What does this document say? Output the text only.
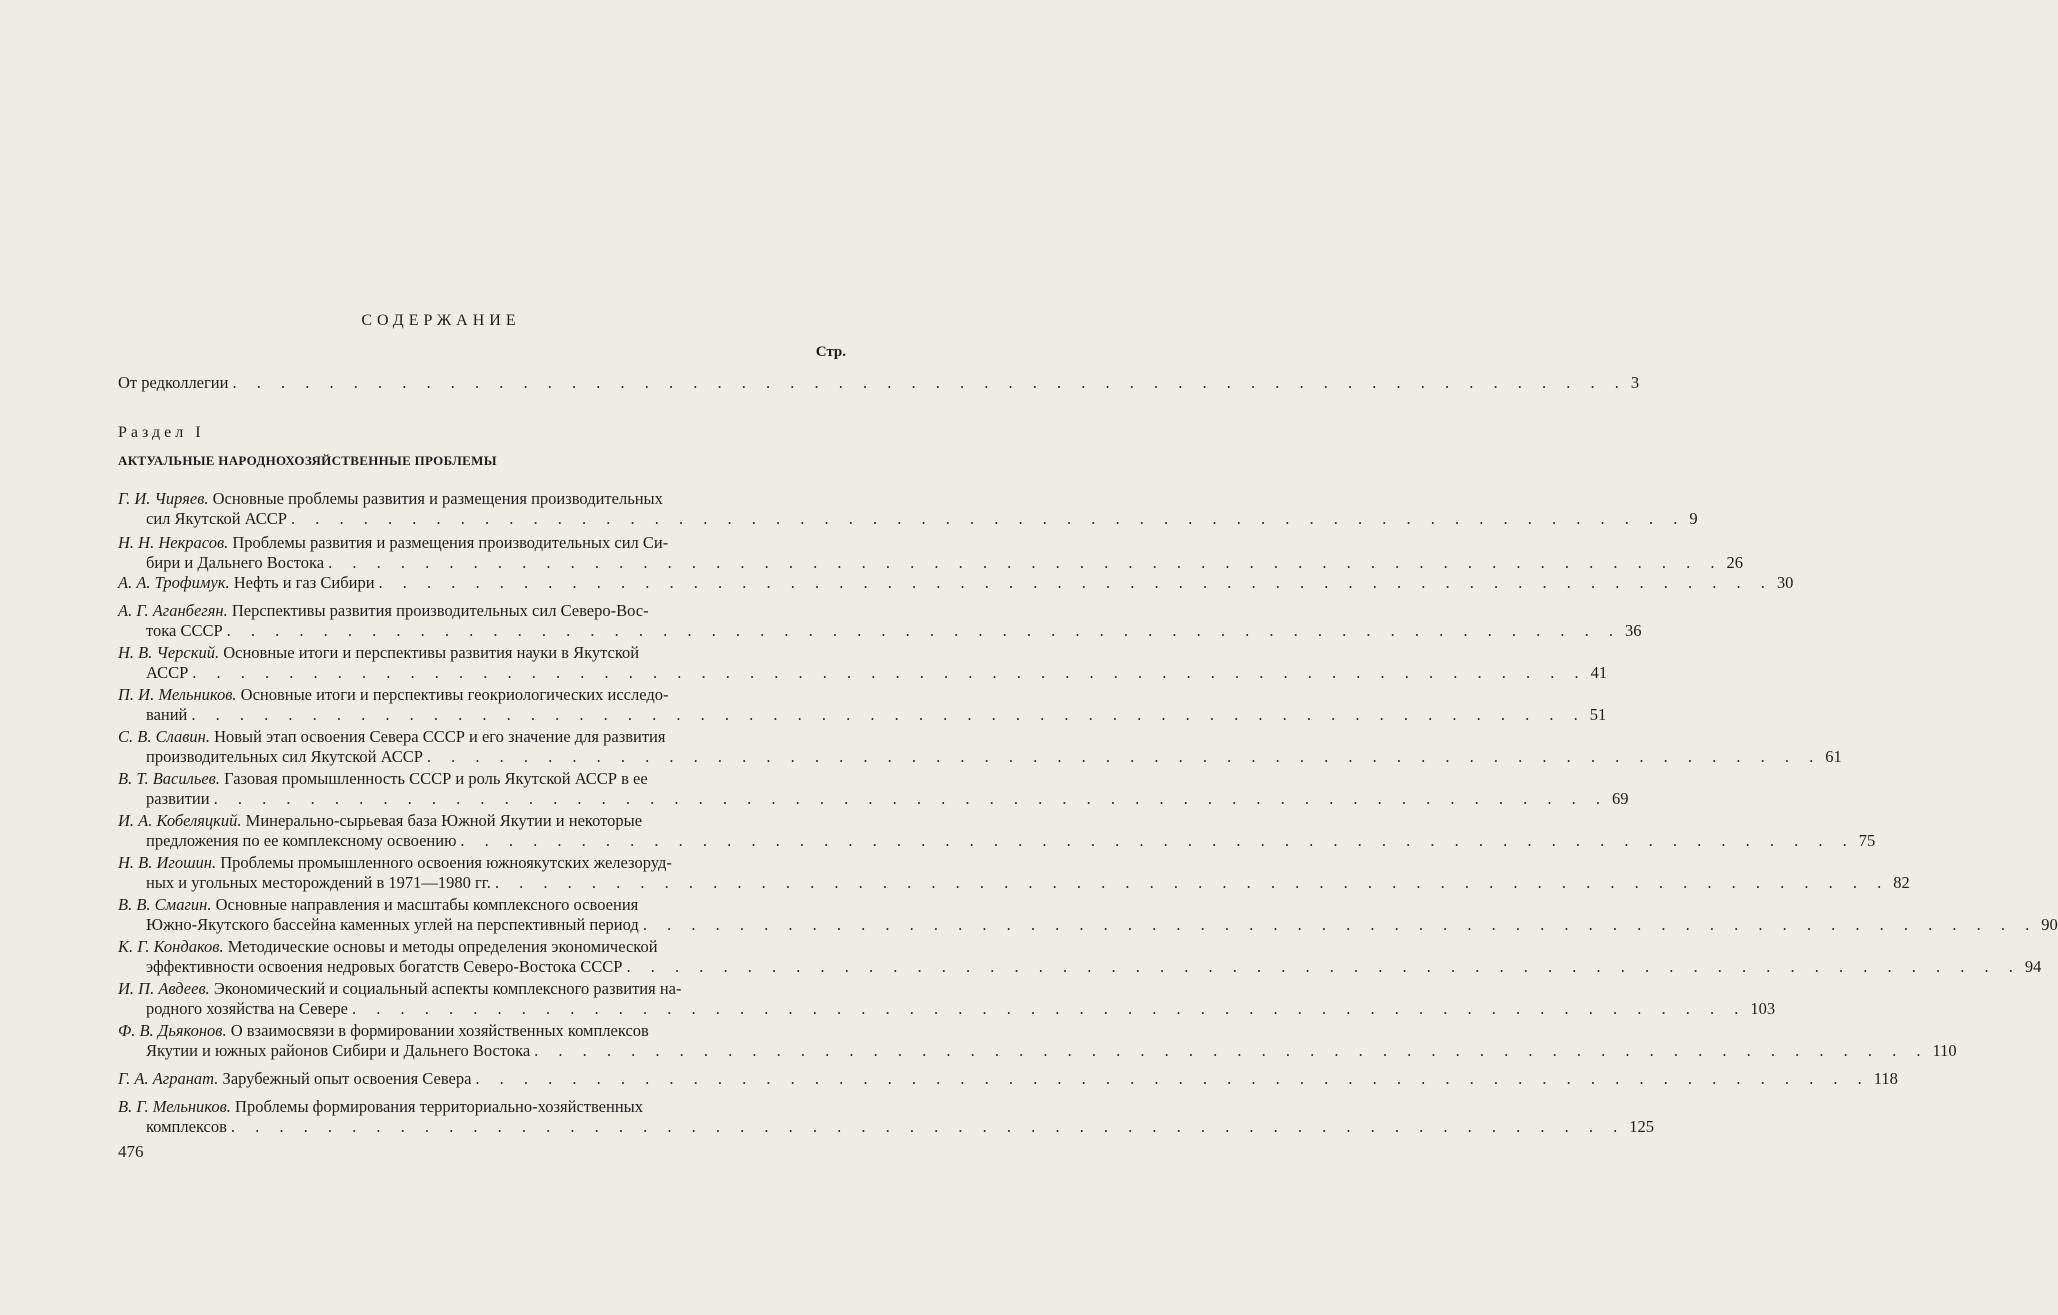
СОДЕРЖАНИЕ
Стр.
От редколлегии . . . . . . . . . . . . . . . . . . . . . . . . . . . . . . . . . . . . . . . . . . . . . . . . . . . . . . . . . . 3
Раздел I
АКТУАЛЬНЫЕ НАРОДНОХОЗЯЙСТВЕННЫЕ ПРОБЛЕМЫ
Г. И. Чиряев. Основные проблемы развития и размещения производительных
сил Якутской АССР . . . . . . . . . . . . . . . . . . . . . . . . . . . . . . . . . . . . . . . . . . . . . . . . . . . . . . . . . . 9
Н. Н. Некрасов. Проблемы развития и размещения производительных сил Си-
бири и Дальнего Востока . . . . . . . . . . . . . . . . . . . . . . . . . . . . . . . . . . . . . . . . . . . . . . . . . . . . . . . . . . 26
А. А. Трофимук. Нефть и газ Сибири . . . . . . . . . . . . . . . . . . . . . . . . . . . . . . . . . . . . . . . . . . . . . . . . . . . . . . . . . . 30
А. Г. Аганбегян. Перспективы развития производительных сил Северо-Вос-
тока СССР . . . . . . . . . . . . . . . . . . . . . . . . . . . . . . . . . . . . . . . . . . . . . . . . . . . . . . . . . . 36
Н. В. Черский. Основные итоги и перспективы развития науки в Якутской
АССР . . . . . . . . . . . . . . . . . . . . . . . . . . . . . . . . . . . . . . . . . . . . . . . . . . . . . . . . . . 41
П. И. Мельников. Основные итоги и перспективы геокриологических исследо-
ваний . . . . . . . . . . . . . . . . . . . . . . . . . . . . . . . . . . . . . . . . . . . . . . . . . . . . . . . . . . 51
С. В. Славин. Новый этап освоения Севера СССР и его значение для развития
производительных сил Якутской АССР . . . . . . . . . . . . . . . . . . . . . . . . . . . . . . . . . . . . . . . . . . . . . . . . . . . . . . . . . . 61
В. Т. Васильев. Газовая промышленность СССР и роль Якутской АССР в ее
развитии . . . . . . . . . . . . . . . . . . . . . . . . . . . . . . . . . . . . . . . . . . . . . . . . . . . . . . . . . . 69
И. А. Кобеляцкий. Минерально-сырьевая база Южной Якутии и некоторые
предложения по ее комплексному освоению . . . . . . . . . . . . . . . . . . . . . . . . . . . . . . . . . . . . . . . . . . . . . . . . . . . . . . . . . . 75
Н. В. Игошин. Проблемы промышленного освоения южноякутских железоруд-
ных и угольных месторождений в 1971—1980 гг. . . . . . . . . . . . . . . . . . . . . . . . . . . . . . . . . . . . . . . . . . . . . . . . . . . . . . . . . . . 82
В. В. Смагин. Основные направления и масштабы комплексного освоения
Южно-Якутского бассейна каменных углей на перспективный период . . . . . . . . . . . . . . . . . . . . . . . . . . . . . . . . . . . . . . . . . . . . . . . . . . . . . . . . . . 90
К. Г. Кондаков. Методические основы и методы определения экономической
эффективности освоения недровых богатств Северо-Востока СССР . . . . . . . . . . . . . . . . . . . . . . . . . . . . . . . . . . . . . . . . . . . . . . . . . . . . . . . . . . 94
И. П. Авдеев. Экономический и социальный аспекты комплексного развития на-
родного хозяйства на Севере . . . . . . . . . . . . . . . . . . . . . . . . . . . . . . . . . . . . . . . . . . . . . . . . . . . . . . . . . . 103
Ф. В. Дьяконов. О взаимосвязи в формировании хозяйственных комплексов
Якутии и южных районов Сибири и Дальнего Востока . . . . . . . . . . . . . . . . . . . . . . . . . . . . . . . . . . . . . . . . . . . . . . . . . . . . . . . . . . 110
Г. А. Агранат. Зарубежный опыт освоения Севера . . . . . . . . . . . . . . . . . . . . . . . . . . . . . . . . . . . . . . . . . . . . . . . . . . . . . . . . . . 118
В. Г. Мельников. Проблемы формирования территориально-хозяйственных
комплексов . . . . . . . . . . . . . . . . . . . . . . . . . . . . . . . . . . . . . . . . . . . . . . . . . . . . . . . . . . 125
476
